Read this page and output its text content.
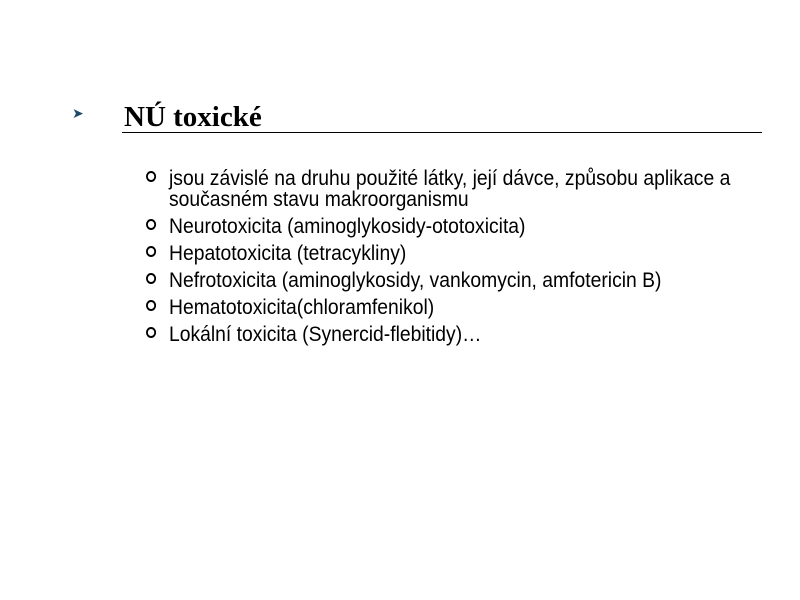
➤ NÚ toxické
jsou závislé na druhu použité látky, její dávce, způsobu aplikace a současném stavu makroorganismu
Neurotoxicita (aminoglykosidy-ototoxicita)
Hepatotoxicita (tetracykliny)
Nefrotoxicita (aminoglykosidy, vankomycin, amfotericin B)
Hematotoxicita(chloramfenikol)
Lokální toxicita (Synercid-flebitidy)…
